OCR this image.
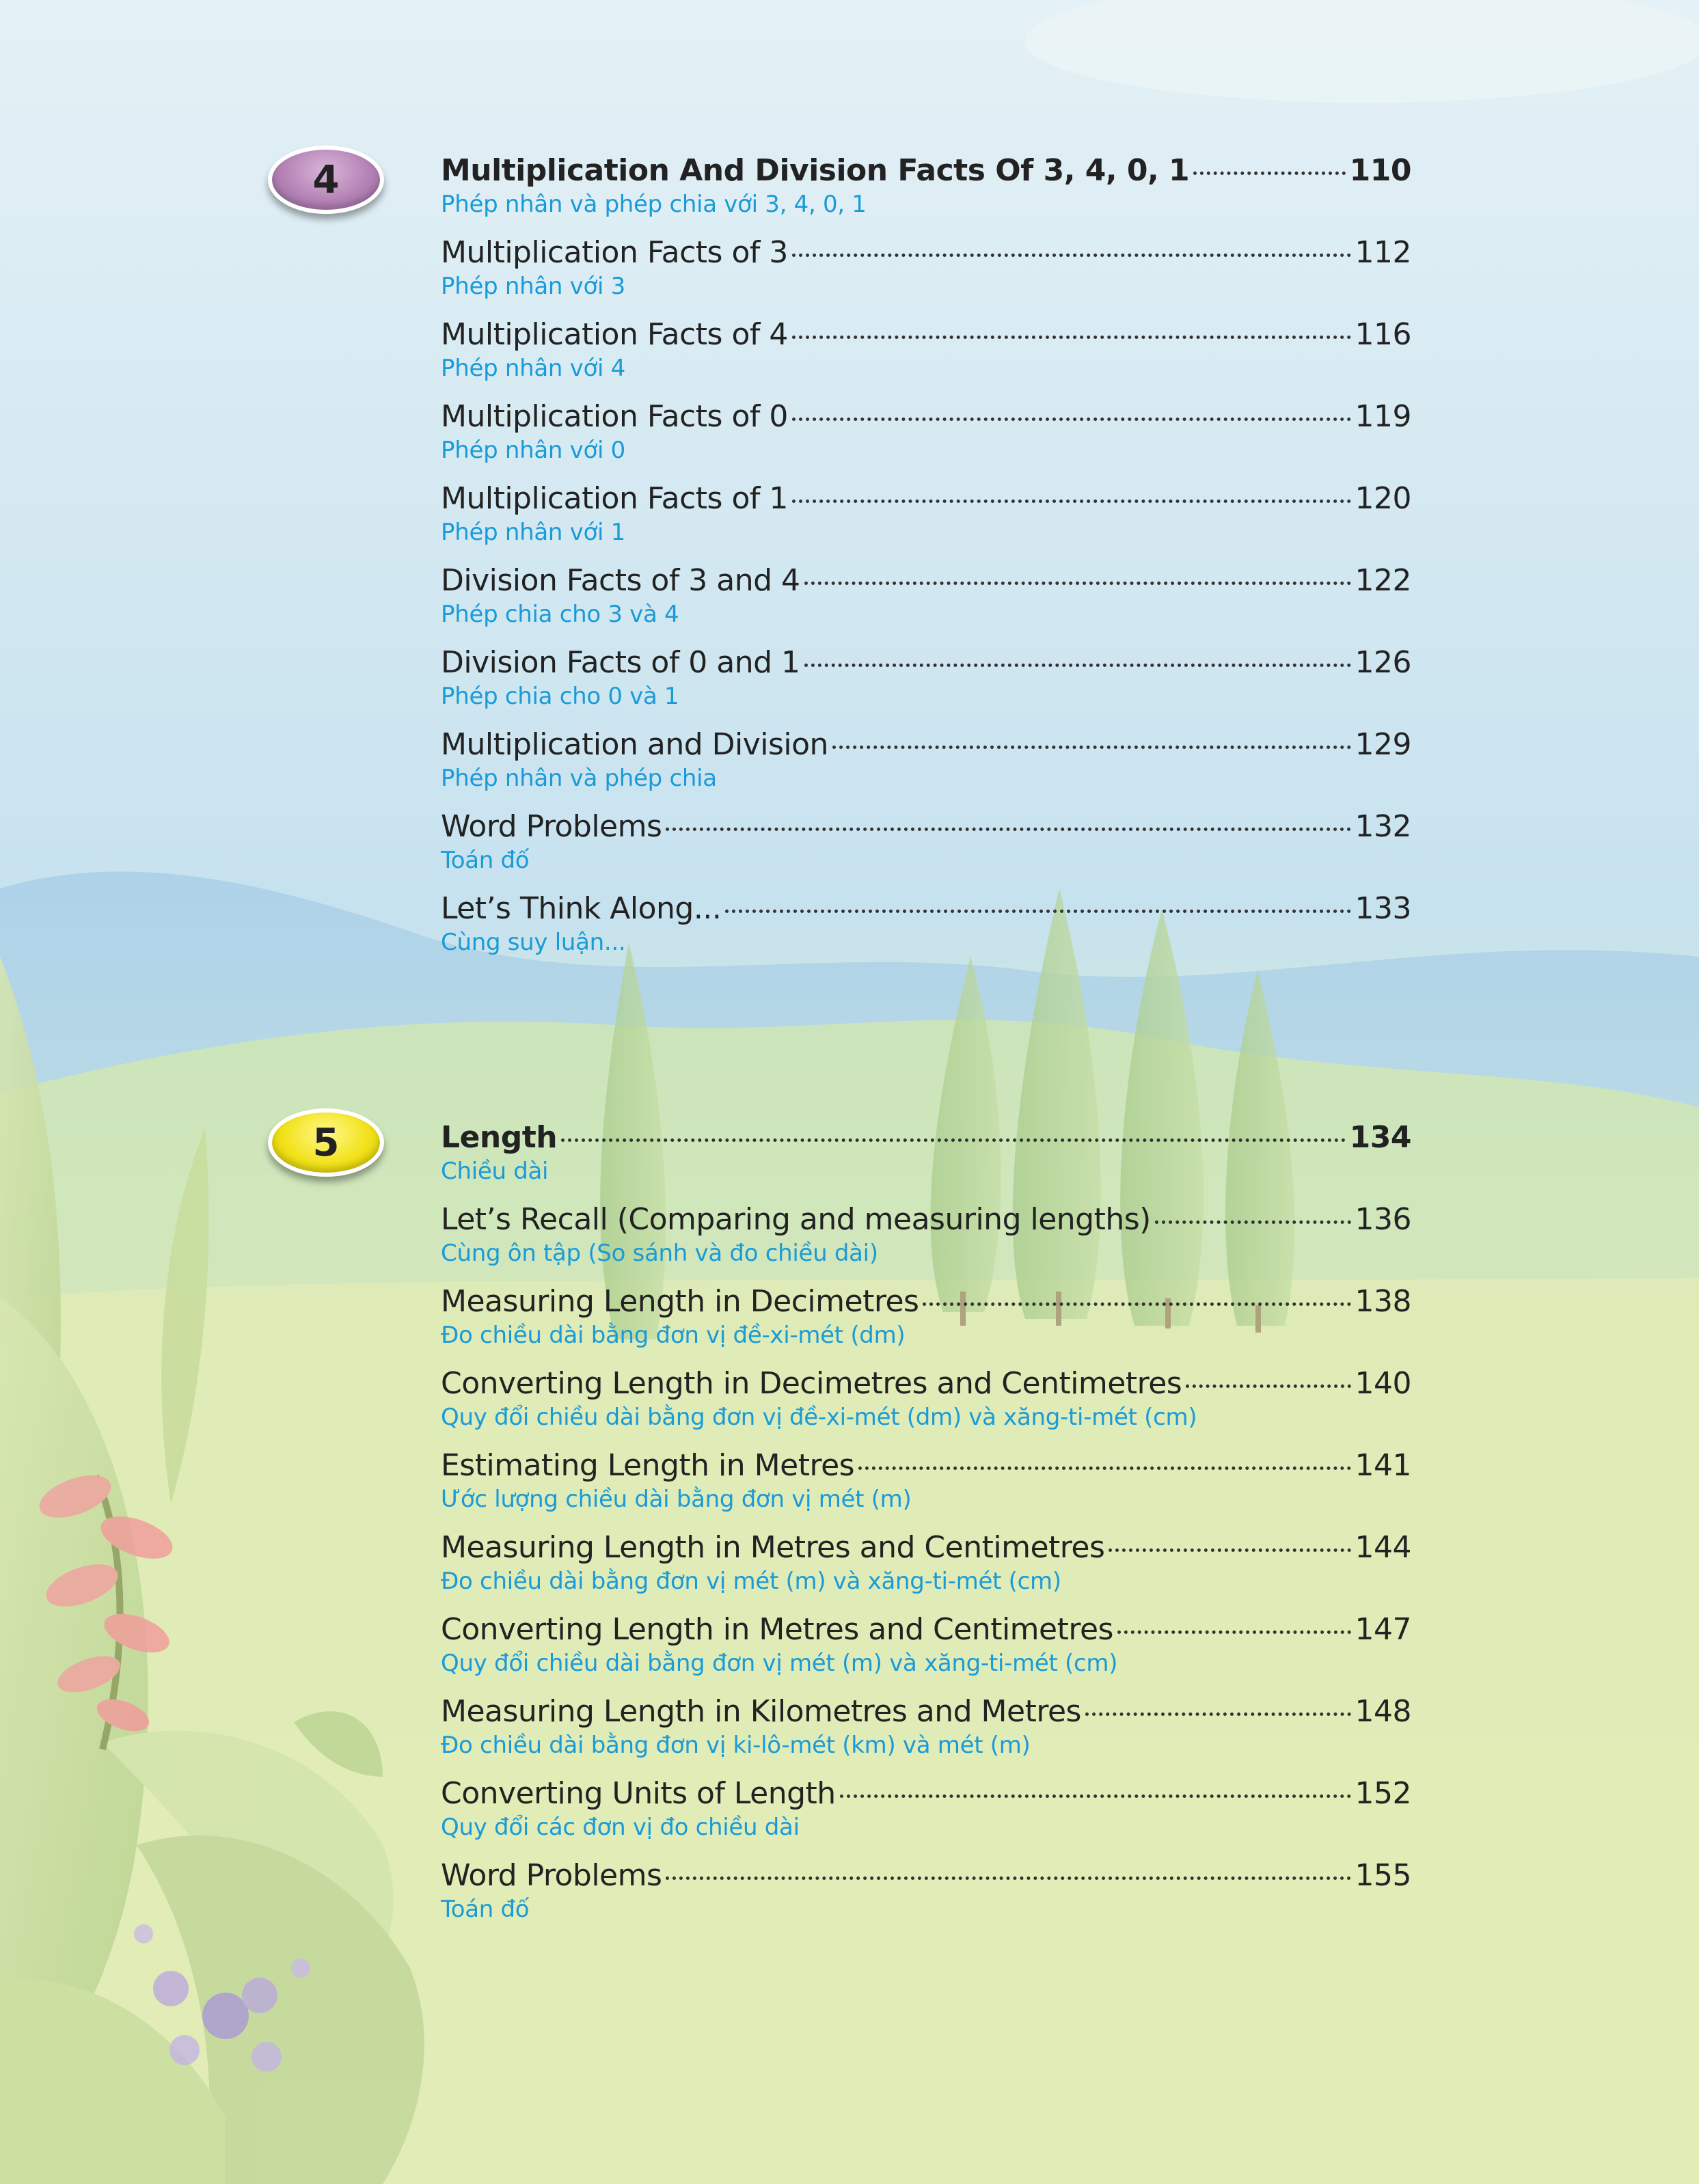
4	Multiplication And Division Facts Of 3, 4, 0, 1	110
Phép nhân và phép chia với 3, 4, 0, 1
Multiplication Facts of 3	112
Phép nhân với 3
Multiplication Facts of 4	116
Phép nhân với 4
Multiplication Facts of 0	119
Phép nhân với 0
Multiplication Facts of 1	120
Phép nhân với 1
Division Facts of 3 and 4	122
Phép chia cho 3 và 4
Division Facts of 0 and 1	126
Phép chia cho 0 và 1
Multiplication and Division	129
Phép nhân và phép chia
Word Problems	132
Toán đố
Let’s Think Along...	133
Cùng suy luận...
5	Length	134
Chiều dài
Let’s Recall (Comparing and measuring lengths)	136
Cùng ôn tập (So sánh và đo chiều dài)
Measuring Length in Decimetres	138
Đo chiều dài bằng đơn vị đề-xi-mét (dm)
Converting Length in Decimetres and Centimetres	140
Quy đổi chiều dài bằng đơn vị đề-xi-mét (dm) và xăng-ti-mét (cm)
Estimating Length in Metres	141
Ước lượng chiều dài bằng đơn vị mét (m)
Measuring Length in Metres and Centimetres	144
Đo chiều dài bằng đơn vị mét (m) và xăng-ti-mét (cm)
Converting Length in Metres and Centimetres	147
Quy đổi chiều dài bằng đơn vị mét (m) và xăng-ti-mét (cm)
Measuring Length in Kilometres and Metres	148
Đo chiều dài bằng đơn vị ki-lô-mét (km) và mét (m)
Converting Units of Length	152
Quy đổi các đơn vị đo chiều dài
Word Problems	155
Toán đố
